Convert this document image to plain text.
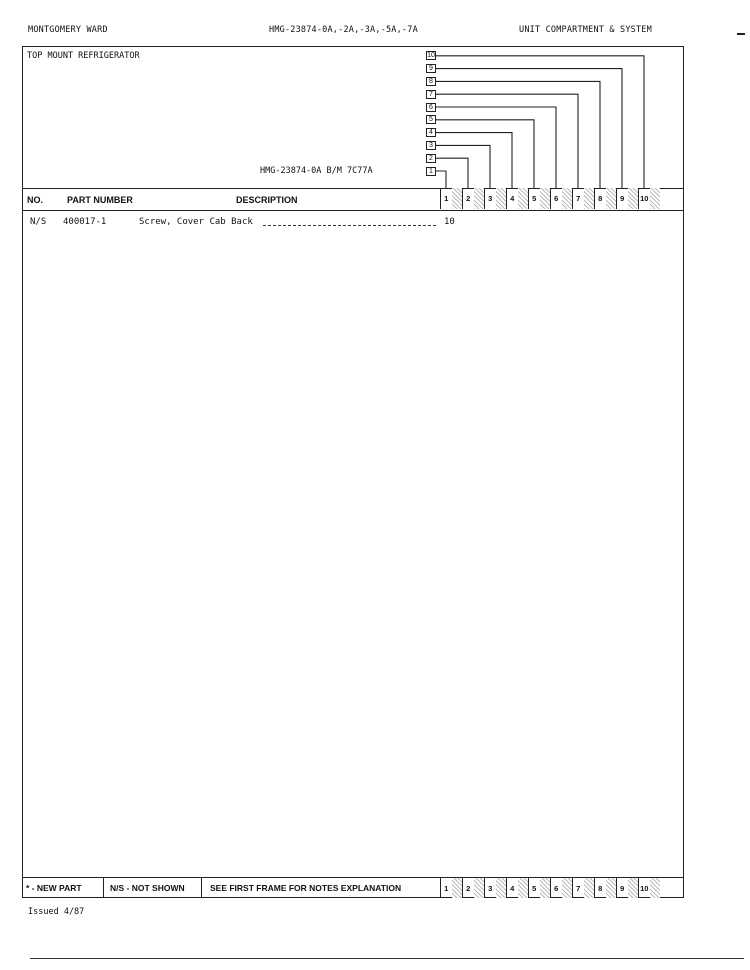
MONTGOMERY WARD	HMG-23874-0A,-2A,-3A,-5A,-7A	UNIT COMPARTMENT & SYSTEM
TOP MOUNT REFRIGERATOR
HMG-23874-0A B/M 7C77A	1
2
3
4
5
6
7
8
9
10
NO.	PART NUMBER	DESCRIPTION	1	2	3	4	5	6	7	8	9	10
N/S 400017-1	Screw, Cover Cab Back	10
* - NEW PART	N/S - NOT SHOWN	SEE FIRST FRAME FOR NOTES EXPLANATION	1	2	3	4	5	6	7	8	9	10
Issued 4/87
